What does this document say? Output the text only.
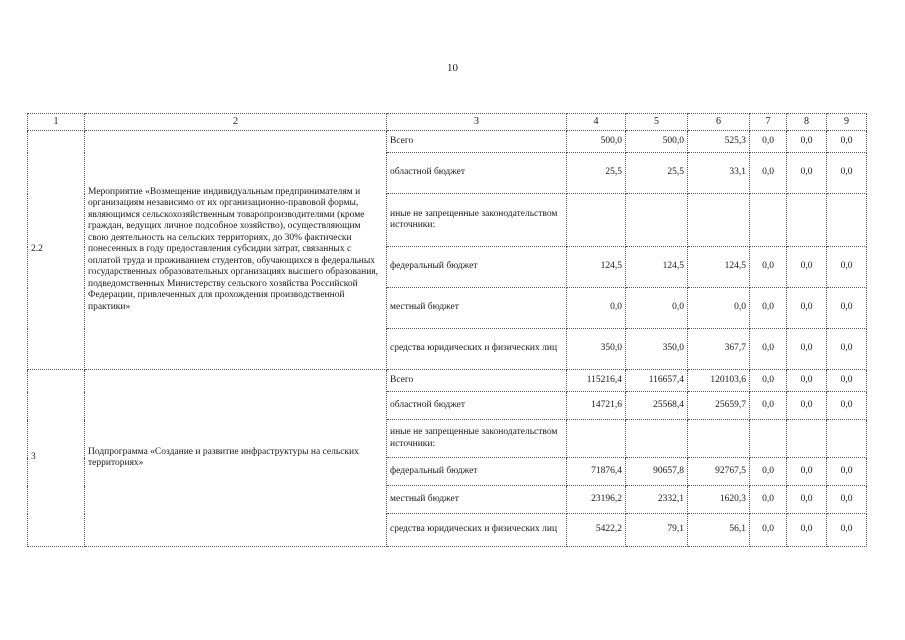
10
1	2	3	4	5	6	7	8	9
2.2	Мероприятие «Возмещение индивидуальным предпринимателям и организациям независимо от их организационно-правовой формы, являющимся сельскохозяйственным товаропроизводителями (кроме граждан, ведущих личное подсобное хозяйство), осуществляющим свою деятельность на сельских территориях, до 30% фактически понесенных в году предоставления субсидии затрат, связанных с оплатой труда и проживанием студентов, обучающихся в федеральных государственных образовательных организациях высшего образования, подведомственных Министерству сельского хозяйства Российской Федерации, привлеченных для прохождения производственной практики»	Всего	500,0	500,0	525,3	0,0	0,0	0,0
		областной бюджет	25,5	25,5	33,1	0,0	0,0	0,0
		иные не запрещенные законодательством источники:						
		федеральный бюджет	124,5	124,5	124,5	0,0	0,0	0,0
		местный бюджет	0,0	0,0	0,0	0,0	0,0	0,0
		средства юридических и физических лиц	350,0	350,0	367,7	0,0	0,0	0,0
3	Подпрограмма «Создание и развитие инфраструктуры на сельских территориях»	Всего	115216,4	116657,4	120103,6	0,0	0,0	0,0
		областной бюджет	14721,6	25568,4	25659,7	0,0	0,0	0,0
		иные не запрещенные законодательством источники:						
		федеральный бюджет	71876,4	90657,8	92767,5	0,0	0,0	0,0
		местный бюджет	23196,2	2332,1	1620,3	0,0	0,0	0,0
		средства юридических и физических лиц	5422,2	79,1	56,1	0,0	0,0	0,0
